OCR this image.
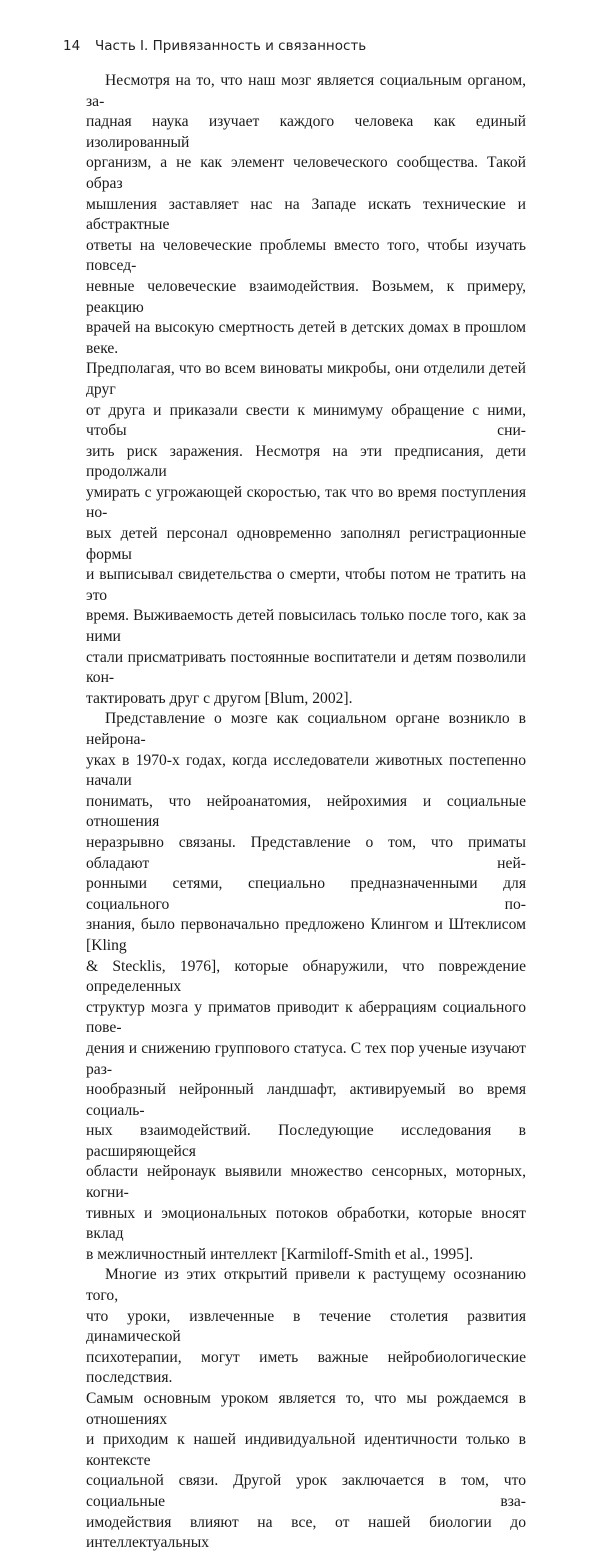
14 Часть I. Привязанность и связанность

Несмотря на то, что наш мозг является социальным органом, за-
падная наука изучает каждого человека как единый изолированный
организм, а не как элемент человеческого сообщества. Такой образ
мышления заставляет нас на Западе искать технические и абстрактные
ответы на человеческие проблемы вместо того, чтобы изучать повсед-
невные человеческие взаимодействия. Возьмем, к примеру, реакцию
врачей на высокую смертность детей в детских домах в прошлом веке.
Предполагая, что во всем виноваты микробы, они отделили детей друг
от друга и приказали свести к минимуму обращение с ними, чтобы сни-
зить риск заражения. Несмотря на эти предписания, дети продолжали
умирать с угрожающей скоростью, так что во время поступления но-
вых детей персонал одновременно заполнял регистрационные формы
и выписывал свидетельства о смерти, чтобы потом не тратить на это
время. Выживаемость детей повысилась только после того, как за ними
стали присматривать постоянные воспитатели и детям позволили кон-
тактировать друг с другом [Blum, 2002].

Представление о мозге как социальном органе возникло в нейрона-
уках в 1970-х годах, когда исследователи животных постепенно начали
понимать, что нейроанатомия, нейрохимия и социальные отношения
неразрывно связаны. Представление о том, что приматы обладают ней-
ронными сетями, специально предназначенными для социального по-
знания, было первоначально предложено Клингом и Штеклисом [Kling
& Stecklis, 1976], которые обнаружили, что повреждение определенных
структур мозга у приматов приводит к аберрациям социального пове-
дения и снижению группового статуса. С тех пор ученые изучают раз-
нообразный нейронный ландшафт, активируемый во время социаль-
ных взаимодействий. Последующие исследования в расширяющейся
области нейронаук выявили множество сенсорных, моторных, когни-
тивных и эмоциональных потоков обработки, которые вносят вклад
в межличностный интеллект [Karmiloff-Smith et al., 1995].

Многие из этих открытий привели к растущему осознанию того,
что уроки, извлеченные в течение столетия развития динамической
психотерапии, могут иметь важные нейробиологические последствия.
Самым основным уроком является то, что мы рождаемся в отношениях
и приходим к нашей индивидуальной идентичности только в контексте
социальной связи. Другой урок заключается в том, что социальные вза-
имодействия влияют на все, от нашей биологии до интеллектуальных
